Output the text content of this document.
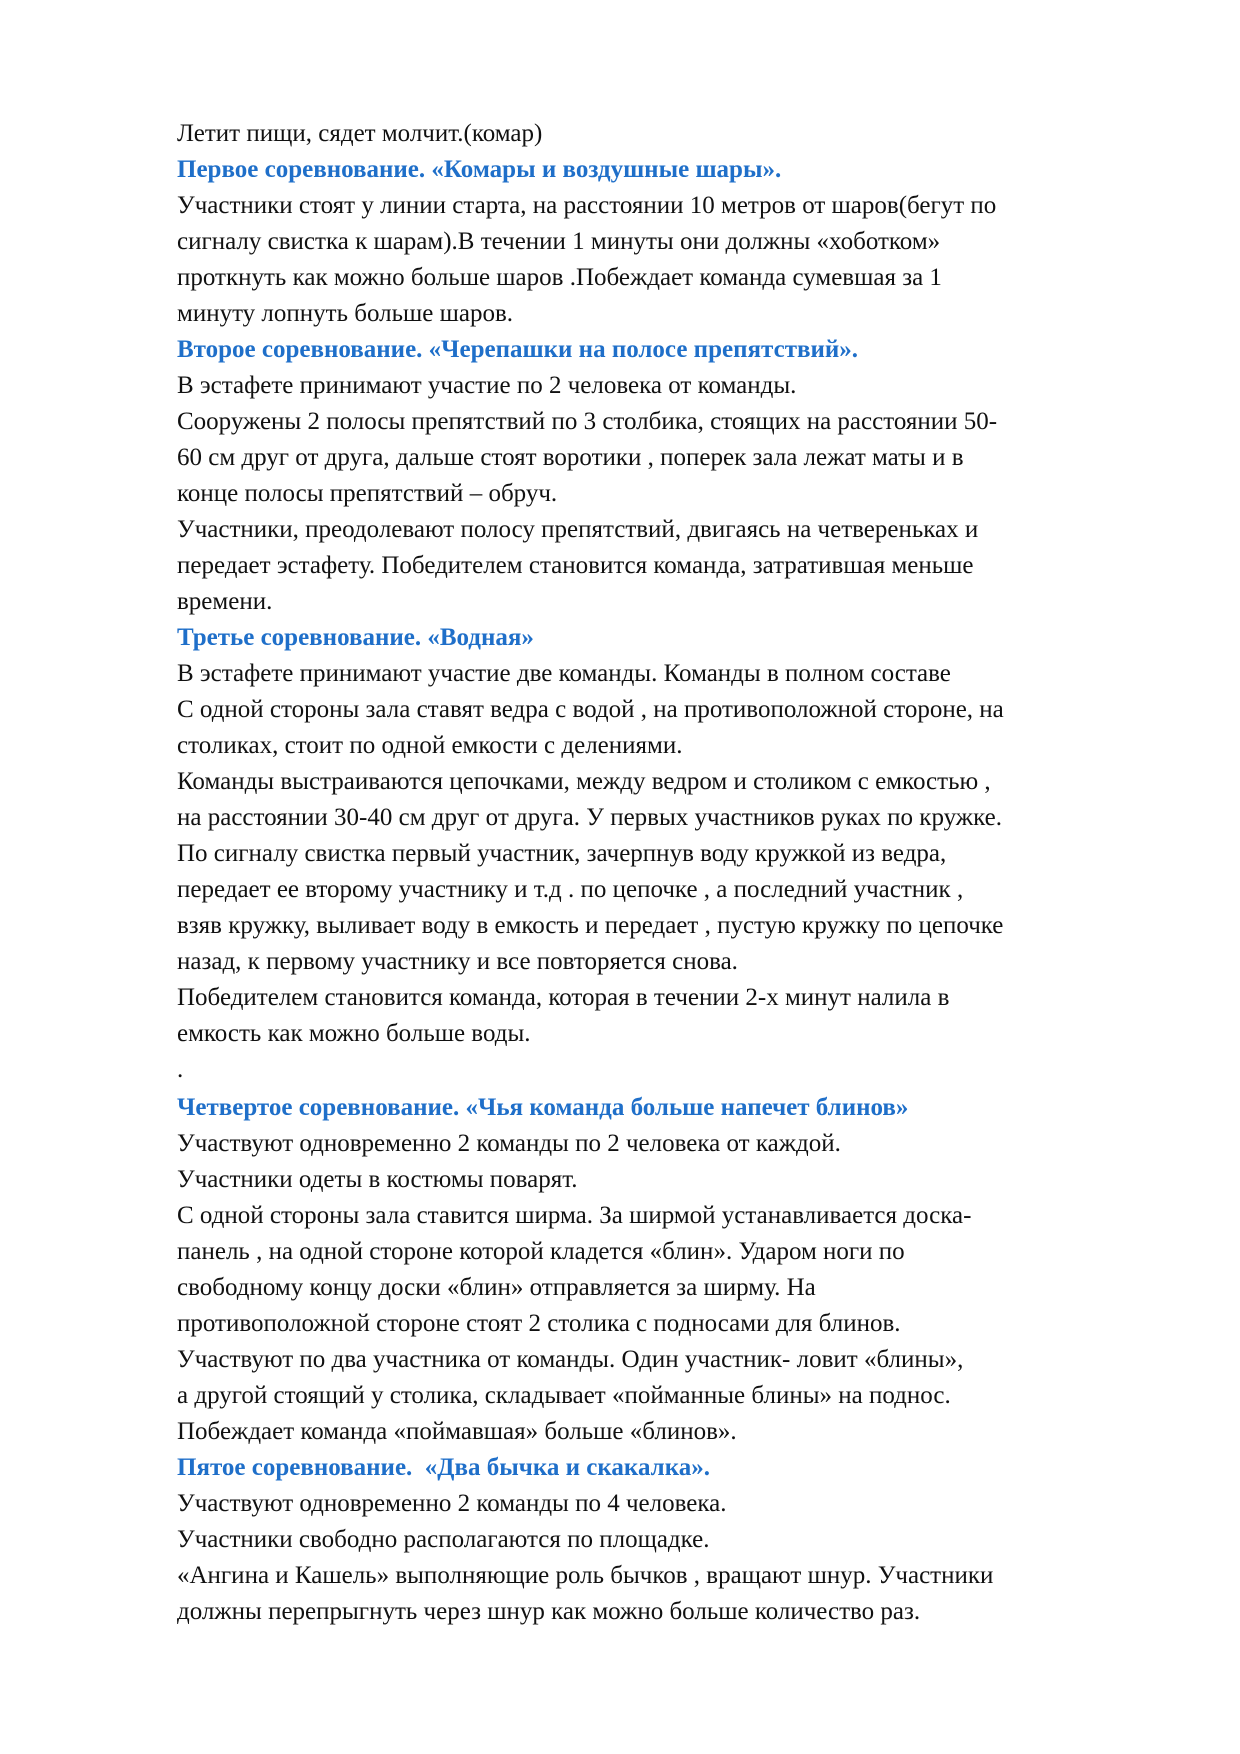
Летит пищи, сядет молчит.(комар)
Первое соревнование. «Комары и воздушные шары».
Участники стоят у линии старта, на расстоянии 10 метров от шаров(бегут по
сигналу свистка к шарам).В течении 1 минуты они должны «хоботком»
проткнуть как можно больше шаров .Побеждает команда сумевшая за 1
минуту лопнуть больше шаров.
Второе соревнование. «Черепашки на полосе препятствий».
В эстафете принимают участие по 2 человека от команды.
Сооружены 2 полосы препятствий по 3 столбика, стоящих на расстоянии 50-
60 см друг от друга, дальше стоят воротики , поперек зала лежат маты и в
конце полосы препятствий – обруч.
Участники, преодолевают полосу препятствий, двигаясь на четвереньках и
передает эстафету. Победителем становится команда, затратившая меньше
времени.
Третье соревнование. «Водная»
В эстафете принимают участие две команды. Команды в полном составе
С одной стороны зала ставят ведра с водой , на противоположной стороне, на
столиках, стоит по одной емкости с делениями.
Команды выстраиваются цепочками, между ведром и столиком с емкостью ,
на расстоянии 30-40 см друг от друга. У первых участников руках по кружке.
По сигналу свистка первый участник, зачерпнув воду кружкой из ведра,
передает ее второму участнику и т.д . по цепочке , а последний участник ,
взяв кружку, выливает воду в емкость и передает , пустую кружку по цепочке
назад, к первому участнику и все повторяется снова.
Победителем становится команда, которая в течении 2-х минут налила в
емкость как можно больше воды.
.
Четвертое соревнование. «Чья команда больше напечет блинов»
Участвуют одновременно 2 команды по 2 человека от каждой.
Участники одеты в костюмы поварят.
С одной стороны зала ставится ширма. За ширмой устанавливается доска-
панель , на одной стороне которой кладется «блин». Ударом ноги по
свободному концу доски «блин» отправляется за ширму. На
противоположной стороне стоят 2 столика с подносами для блинов.
Участвуют по два участника от команды. Один участник- ловит «блины»,
а другой стоящий у столика, складывает «пойманные блины» на поднос.
Побеждает команда «поймавшая» больше «блинов».
Пятое соревнование.  «Два бычка и скакалка».
Участвуют одновременно 2 команды по 4 человека.
Участники свободно располагаются по площадке.
«Ангина и Кашель» выполняющие роль бычков , вращают шнур. Участники
должны перепрыгнуть через шнур как можно больше количество раз.
